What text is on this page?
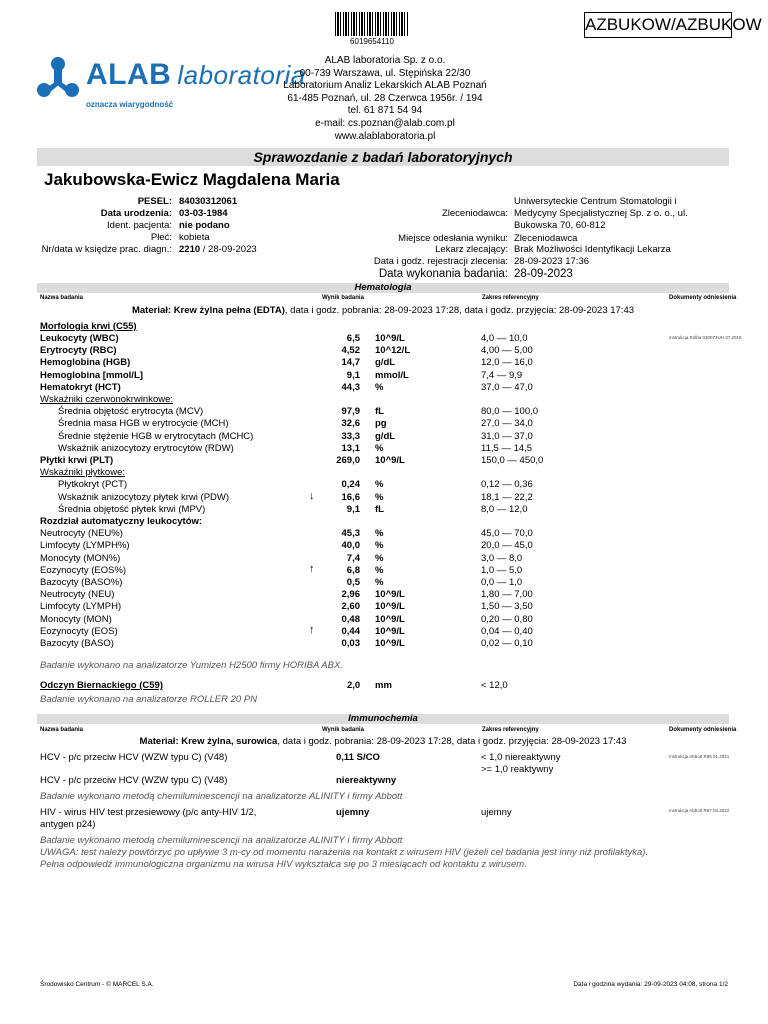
6019654110
AZBUKOW/AZBUKOW
ALAB laboratoria
oznacza wiarygodność
ALAB laboratoria Sp. z o.o.
00-739 Warszawa, ul. Stępińska 22/30
Laboratorium Analiz Lekarskich ALAB Poznań
61-485 Poznań, ul. 28 Czerwca 1956r. / 194
tel. 61 871 54 94
e-mail: cs.poznan@alab.com.pl
www.alablaboratoria.pl
Sprawozdanie z badań laboratoryjnych
Jakubowska-Ewicz Magdalena Maria
PESEL: 84030312061
Data urodzenia: 03-03-1984
Ident. pacjenta: nie podano
Płeć: kobieta
Nr/data w księdze prac. diagn.: 2210 / 28-09-2023
Zleceniodawca:
Uniwersyteckie Centrum Stomatologii i
Medycyny Specjalistycznej Sp. z o. o., ul.
Bukowska 70, 60-812
Miejsce odesłania wyniku: Zleceniodawca
Lekarz zlecający: Brak Możliwości Identyfikacji Lekarza
Data i godz. rejestracji zlecenia: 28-09-2023 17:36
Data wykonania badania: 28-09-2023
Hematologia
Nazwa badania	Wynik badania	Zakres referencyjny	Dokumenty odniesienia
Materiał: Krew żylna pełna (EDTA), data i godz. pobrania: 28-09-2023 17:28, data i godz. przyjęcia: 28-09-2023 17:43
Morfologia krwi (C55)
Instrukcja Rolba 030073UH 37.2018
Leukocyty (WBC)	6,5 10^9/L	4,0 — 10,0
Erytrocyty (RBC)	4,52 10^12/L	4,00 — 5,00
Hemoglobina (HGB)	14,7 g/dL	12,0 — 16,0
Hemoglobina [mmol/L]	9,1 mmol/L	7,4 — 9,9
Hematokryt (HCT)	44,3 %	37,0 — 47,0
Wskaźniki czerwonokrwinkowe:
Średnia objętość erytrocyta (MCV)	97,9 fL	80,0 — 100,0
Średnia masa HGB w erytrocycie (MCH)	32,6 pg	27,0 — 34,0
Średnie stężenie HGB w erytrocytach (MCHC)	33,3 g/dL	31,0 — 37,0
Wskaźnik anizocytozy erytrocytów (RDW)	13,1 %	11,5 — 14,5
Płytki krwi (PLT)	269,0 10^9/L	150,0 — 450,0
Wskaźniki płytkowe:
Płytkokryt (PCT)	0,24 %	0,12 — 0,36
Wskaźnik anizocytozy płytek krwi (PDW)	16,6 %	18,1 — 22,2
↓
Średnia objętość płytek krwi (MPV)	9,1 fL	8,0 — 12,0
Rozdział automatyczny leukocytów:
Neutrocyty (NEU%)	45,3 %	45,0 — 70,0
Limfocyty (LYMPH%)	40,0 %	20,0 — 45,0
Monocyty (MON%)	7,4 %	3,0 — 8,0
Eozynocyty (EOS%)	6,8 %	1,0 — 5,0
↑
Bazocyty (BASO%)	0,5 %	0,0 — 1,0
Neutrocyty (NEU)	2,96 10^9/L	1,80 — 7,00
Limfocyty (LYMPH)	2,60 10^9/L	1,50 — 3,50
Monocyty (MON)	0,48 10^9/L	0,20 — 0,80
Eozynocyty (EOS)	0,44 10^9/L	0,04 — 0,40
↑
Bazocyty (BASO)	0,03 10^9/L	0,02 — 0,10
Badanie wykonano na analizatorze Yumizen H2500 firmy HORIBA ABX.
Odczyn Biernackiego (C59)	2,0 mm	< 12,0
Badanie wykonano na analizatorze ROLLER 20 PN
Immunochemia
Nazwa badania	Wynik badania	Zakres referencyjny	Dokumenty odniesienia
Materiał: Krew żylna, surowica, data i godz. pobrania: 28-09-2023 17:28, data i godz. przyjęcia: 28-09-2023 17:43
HCV - p/c przeciw HCV (WZW typu C) (V48)	0,11 S/CO	< 1,0 niereaktywny
>= 1,0 reaktywny
Instrukcja Abbott R95 01.2021
HCV - p/c przeciw HCV (WZW typu C) (V48)	niereaktywny
Badanie wykonano metodą chemiluminescencji na analizatorze ALINITY i firmy Abbott
HIV - wirus HIV test przesiewowy (p/c anty-HIV 1/2,
antygen p24)
ujemny	ujemny	Instrukcja Abbott R87 03.2022
Badanie wykonano metodą chemiluminescencji na analizatorze ALINITY i firmy Abbott
UWAGA: test należy powtórzyć po upływie 3 m-cy od momentu narażenia na kontakt z wirusem HIV (jeżeli cel badania jest inny niż profilaktyka).
Pełna odpowiedź immunologiczna organizmu na wirusa HIV wykształca się po 3 miesiącach od kontaktu z wirusem.
Środowisko Centrum - © MARCEL S.A.	Data i godzina wydania: 29-09-2023 04:08, strona 1/2
